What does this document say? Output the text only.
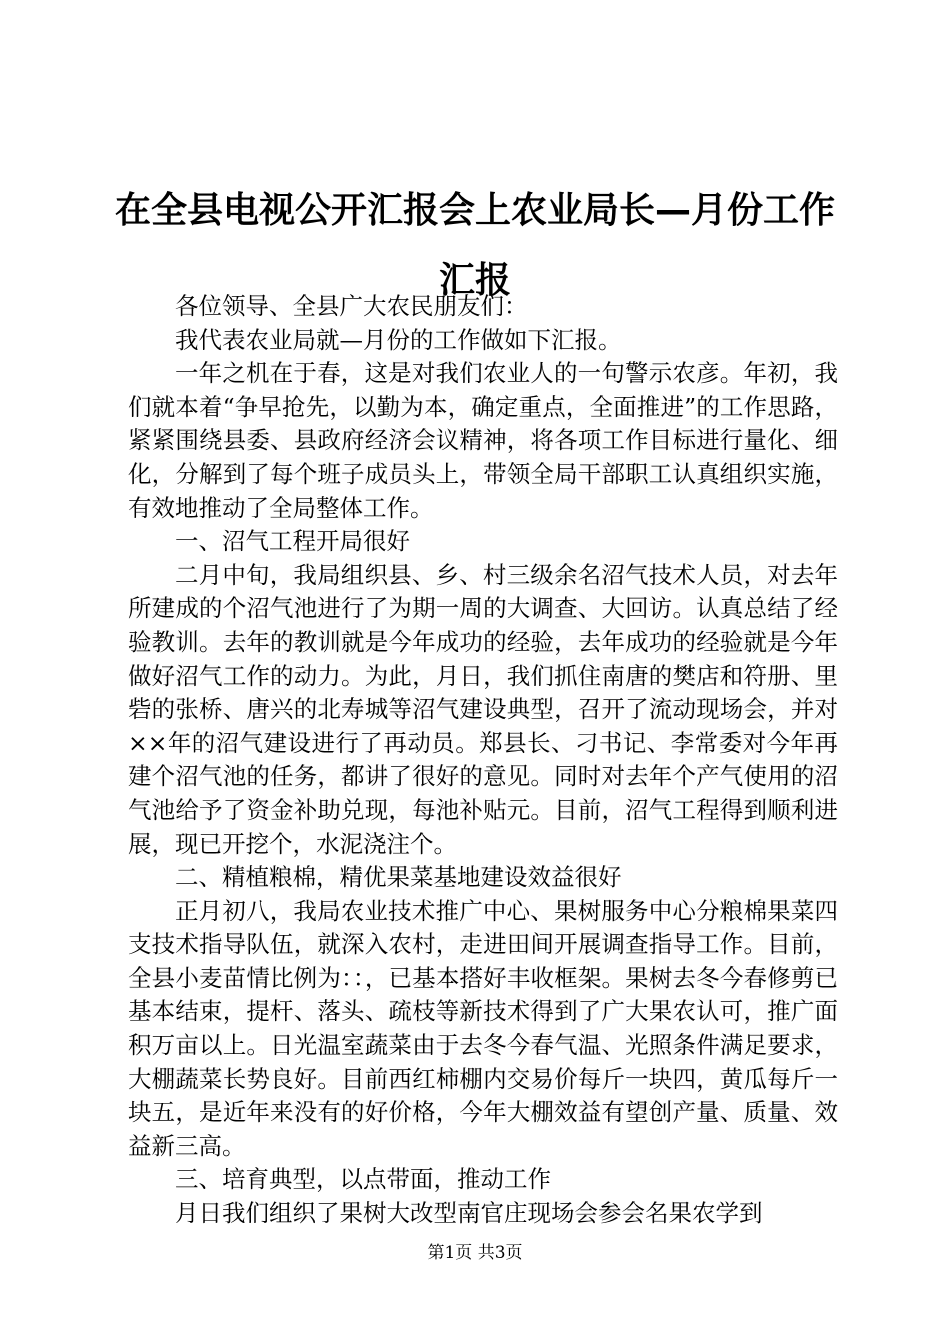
在全县电视公开汇报会上农业局长—月份工作汇报

各位领导、全县广大农民朋友们：

我代表农业局就—月份的工作做如下汇报。

一年之机在于春，这是对我们农业人的一句警示农彦。年初，我们就本着“争早抢先，以勤为本，确定重点，全面推进”的工作思路，紧紧围绕县委、县政府经济会议精神，将各项工作目标进行量化、细化，分解到了每个班子成员头上，带领全局干部职工认真组织实施，有效地推动了全局整体工作。

一、沼气工程开局很好

二月中旬，我局组织县、乡、村三级余名沼气技术人员，对去年所建成的个沼气池进行了为期一周的大调查、大回访。认真总结了经验教训。去年的教训就是今年成功的经验，去年成功的经验就是今年做好沼气工作的动力。为此，月日，我们抓住南唐的樊店和符册、里砦的张桥、唐兴的北寿城等沼气建设典型，召开了流动现场会，并对××年的沼气建设进行了再动员。郑县长、刁书记、李常委对今年再建个沼气池的任务，都讲了很好的意见。同时对去年个产气使用的沼气池给予了资金补助兑现，每池补贴元。目前，沼气工程得到顺利进展，现已开挖个，水泥浇注个。

二、精植粮棉，精优果菜基地建设效益很好

正月初八，我局农业技术推广中心、果树服务中心分粮棉果菜四支技术指导队伍，就深入农村，走进田间开展调查指导工作。目前，全县小麦苗情比例为：：，已基本搭好丰收框架。果树去冬今春修剪已基本结束，提杆、落头、疏枝等新技术得到了广大果农认可，推广面积万亩以上。日光温室蔬菜由于去冬今春气温、光照条件满足要求，大棚蔬菜长势良好。目前西红柿棚内交易价每斤一块四，黄瓜每斤一块五，是近年来没有的好价格，今年大棚效益有望创产量、质量、效益新三高。

三、培育典型，以点带面，推动工作

月日我们组织了果树大改型南官庄现场会参会名果农学到

第1页 共3页
